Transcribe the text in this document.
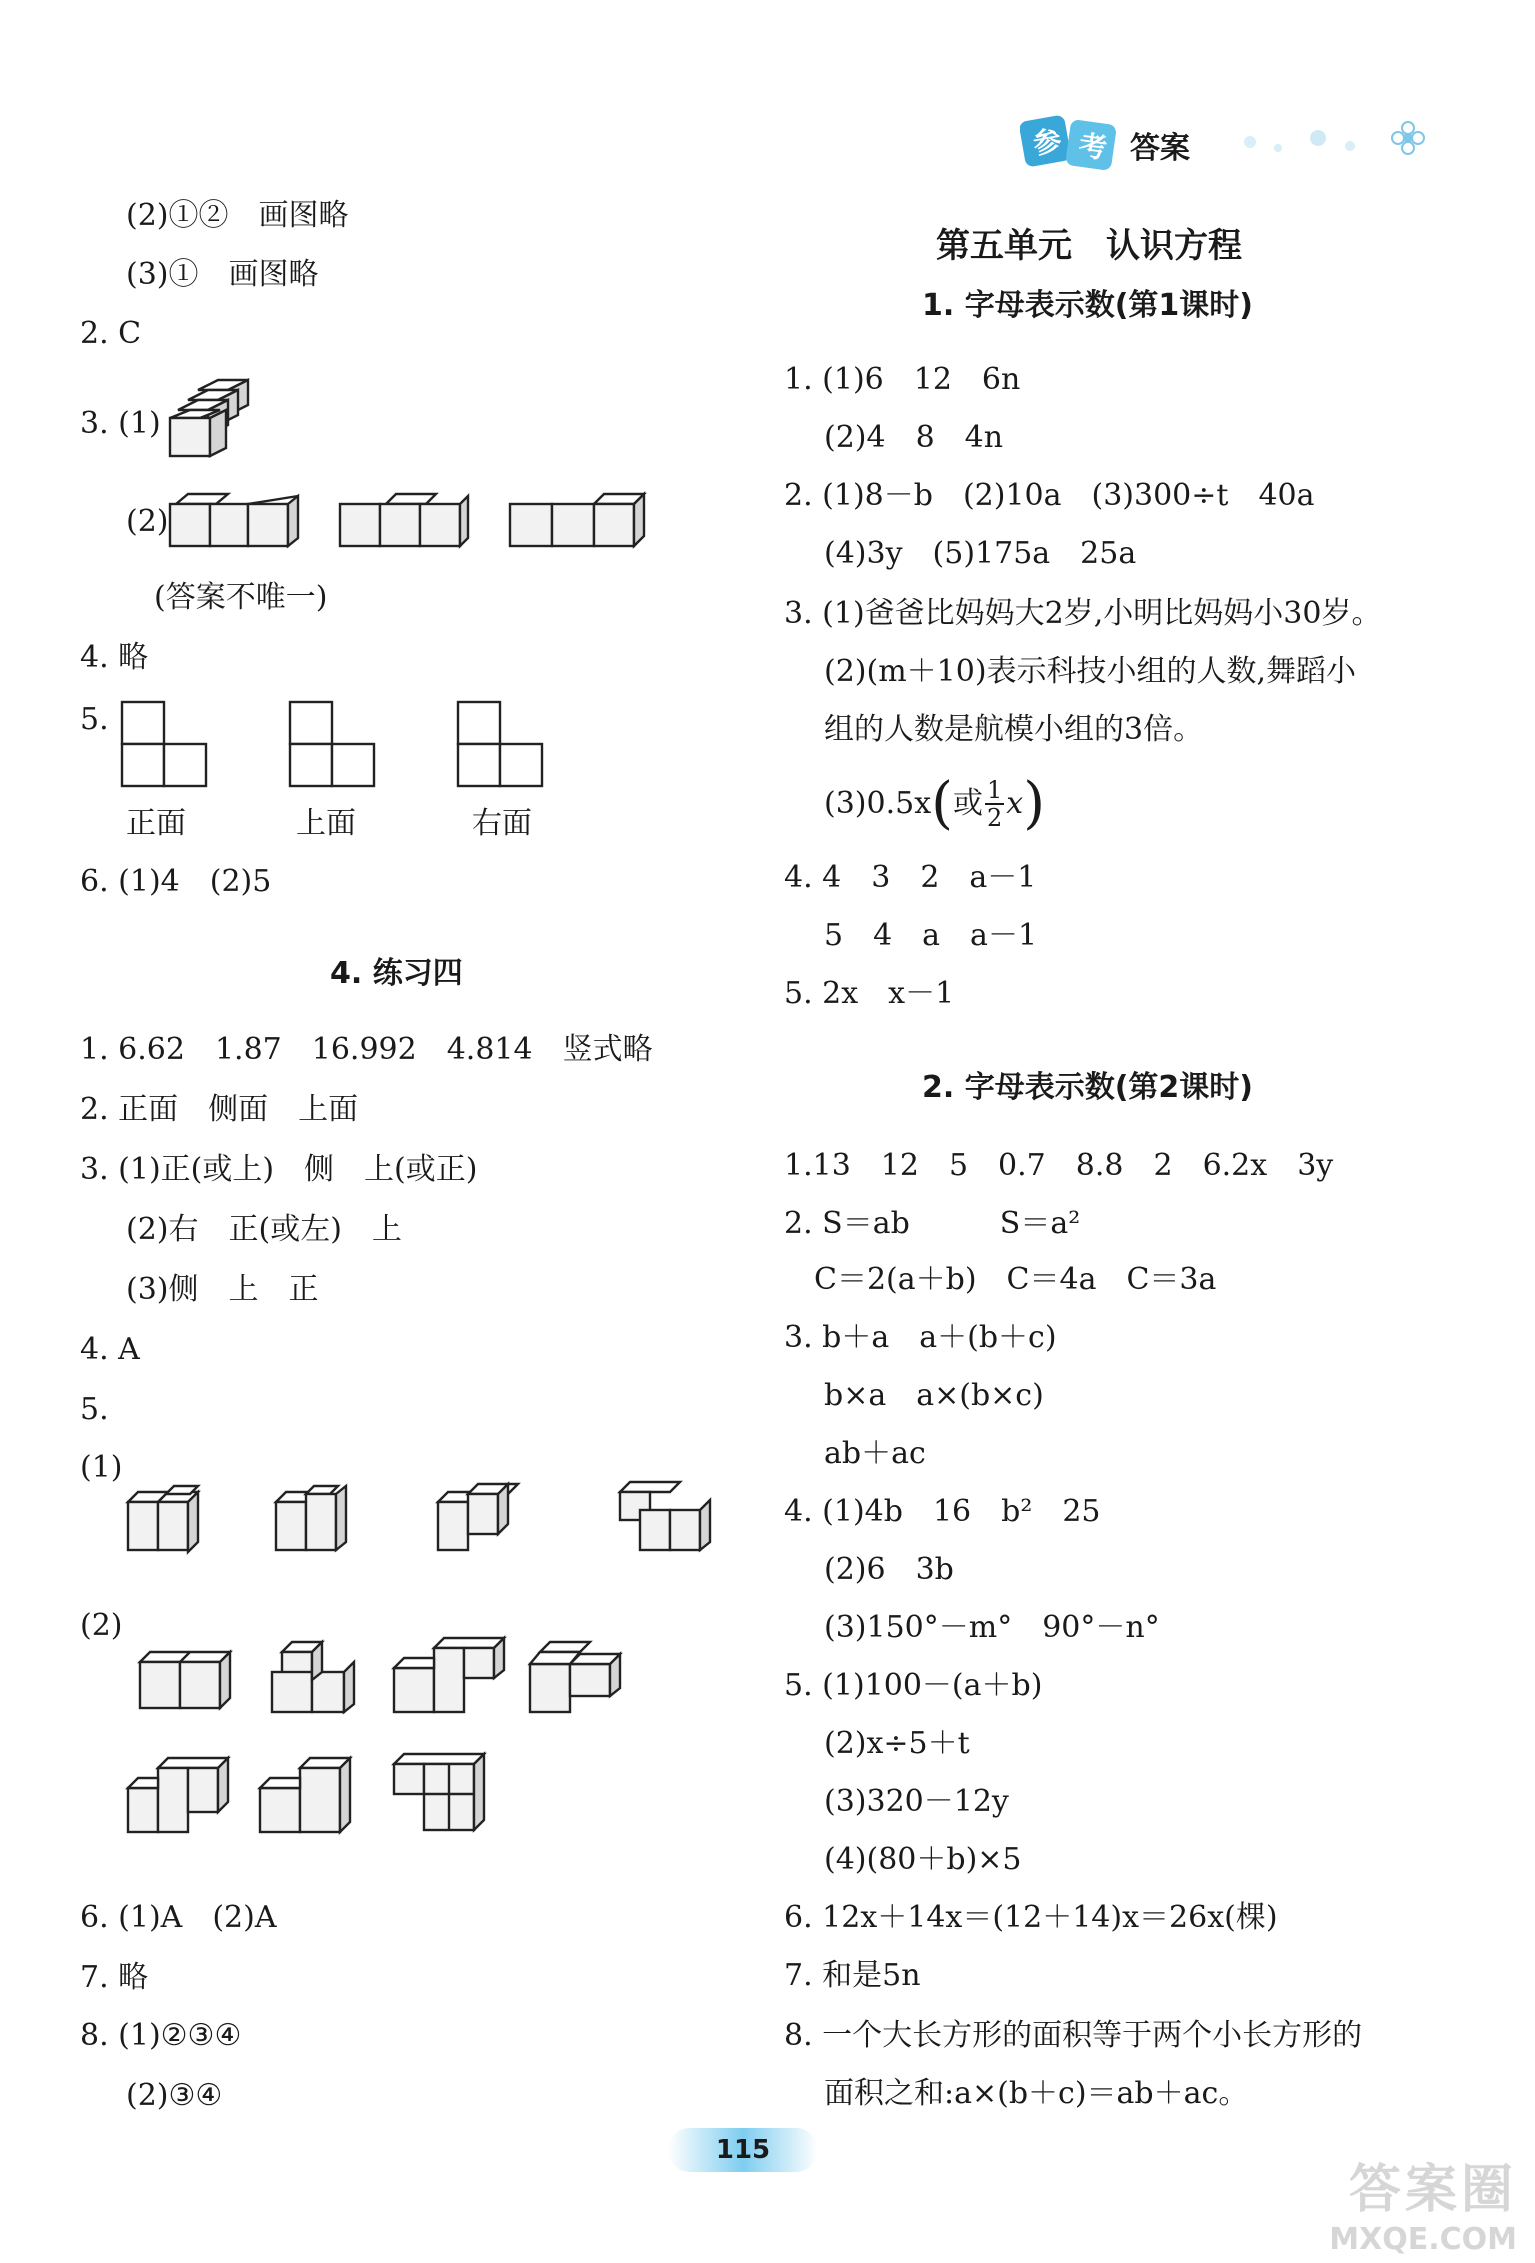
参 考 答案
(2)①②　画图略
(3)①　画图略
2. C
3. (1)
(2)
(答案不唯一)
4. 略
5.
正面	上面	右面
6. (1)4　(2)5
4. 练习四
1. 6.62　1.87　16.992　4.814　竖式略
2. 正面　侧面　上面
3. (1)正(或上)　侧　上(或正)
(2)右　正(或左)　上
(3)侧　上　正
4. A
5.
(1)
(2)
6. (1)A　(2)A
7. 略
8. (1)②③④
(2)③④
第五单元　认识方程
1. 字母表示数(第1课时)
1. (1)6　12　6n
(2)4　8　4n
2. (1)8－b　(2)10a　(3)300÷t　40a
(4)3y　(5)175a　25a
3. (1)爸爸比妈妈大2岁,小明比妈妈小30岁。
(2)(m＋10)表示科技小组的人数,舞蹈小
组的人数是航模小组的3倍。
(3)0.5x(或 $\frac{1}{2} x$)
4. 4　3　2　a－1
5　4　a　a－1
5. 2x　x－1
2. 字母表示数(第2课时)
1.13　12　5　0.7　8.8　2　6.2x　3y
2. S＝ab　　　S＝a²
C＝2(a＋b)　C＝4a　C＝3a
3. b＋a　a＋(b＋c)
b×a　a×(b×c)
ab＋ac
4. (1)4b　16　b²　25
(2)6　3b
(3)150°－m°　90°－n°
5. (1)100－(a＋b)
(2)x÷5＋t
(3)320－12y
(4)(80＋b)×5
6. 12x＋14x＝(12＋14)x＝26x(棵)
7. 和是5n
8. 一个大长方形的面积等于两个小长方形的
面积之和:a×(b＋c)＝ab＋ac。
115
答案圈
MXQE.COM
